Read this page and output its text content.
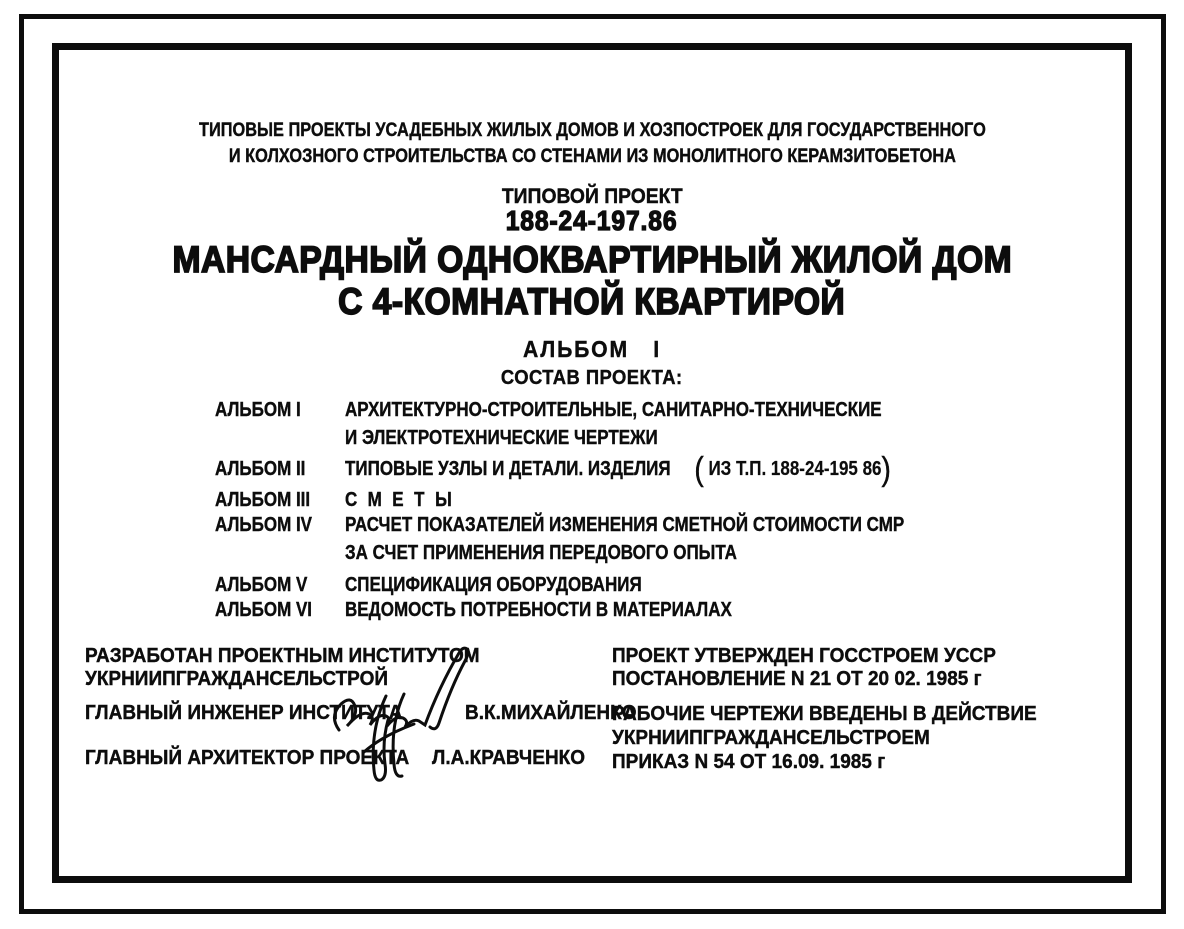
ТИПОВЫЕ ПРОЕКТЫ УСАДЕБНЫХ ЖИЛЫХ ДОМОВ И ХОЗПОСТРОЕК ДЛЯ ГОСУДАРСТВЕННОГО
И КОЛХОЗНОГО СТРОИТЕЛЬСТВА СО СТЕНАМИ ИЗ МОНОЛИТНОГО КЕРАМЗИТОБЕТОНА
ТИПОВОЙ ПРОЕКТ
188-24-197.86
МАНСАРДНЫЙ ОДНОКВАРТИРНЫЙ ЖИЛОЙ ДОМ
С 4-КОМНАТНОЙ КВАРТИРОЙ
АЛЬБОМ I
СОСТАВ ПРОЕКТА:
АЛЬБОМ I	АРХИТЕКТУРНО-СТРОИТЕЛЬНЫЕ, САНИТАРНО-ТЕХНИЧЕСКИЕ
И ЭЛЕКТРОТЕХНИЧЕСКИЕ ЧЕРТЕЖИ
АЛЬБОМ II	ТИПОВЫЕ УЗЛЫ И ДЕТАЛИ. ИЗДЕЛИЯ ( ИЗ Т.П. 188-24-195 86)
АЛЬБОМ III	СМЕТЫ
АЛЬБОМ IV	РАСЧЕТ ПОКАЗАТЕЛЕЙ ИЗМЕНЕНИЯ СМЕТНОЙ СТОИМОСТИ СМР
ЗА СЧЕТ ПРИМЕНЕНИЯ ПЕРЕДОВОГО ОПЫТА
АЛЬБОМ V	СПЕЦИФИКАЦИЯ ОБОРУДОВАНИЯ
АЛЬБОМ VI	ВЕДОМОСТЬ ПОТРЕБНОСТИ В МАТЕРИАЛАХ
РАЗРАБОТАН ПРОЕКТНЫМ ИНСТИТУТОМ
УКРНИИПГРАЖДАНСЕЛЬСТРОЙ
ГЛАВНЫЙ ИНЖЕНЕР ИНСТИТУТА	В.К.МИХАЙЛЕНКО
ГЛАВНЫЙ АРХИТЕКТОР ПРОЕКТА	Л.А.КРАВЧЕНКО
ПРОЕКТ УТВЕРЖДЕН ГОССТРОЕМ УССР
ПОСТАНОВЛЕНИЕ N 21 ОТ 20 02. 1985 г
РАБОЧИЕ ЧЕРТЕЖИ ВВЕДЕНЫ В ДЕЙСТВИЕ
УКРНИИПГРАЖДАНСЕЛЬСТРОЕМ
ПРИКАЗ N 54 ОТ 16.09. 1985 г
